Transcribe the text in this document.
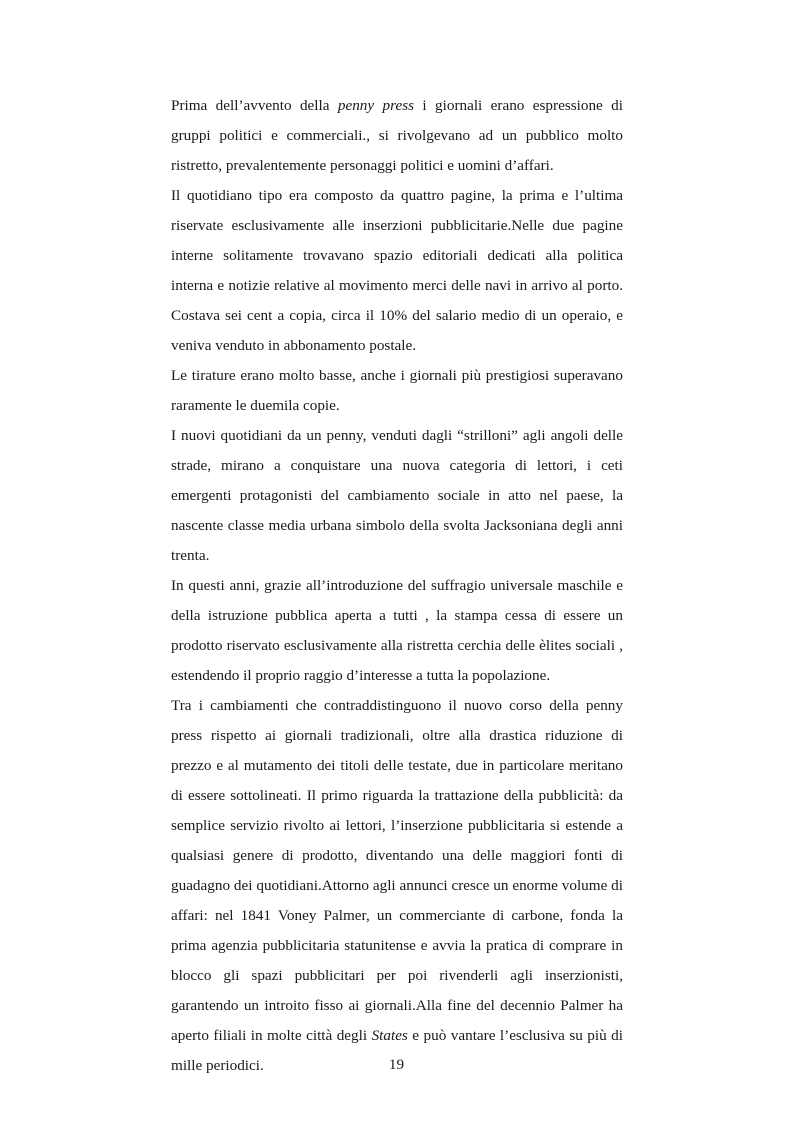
Prima dell’avvento della penny press i giornali erano espressione di gruppi politici e commerciali., si rivolgevano ad un pubblico molto ristretto, prevalentemente personaggi politici e uomini d’affari.

Il quotidiano tipo era composto da quattro pagine, la prima e l’ultima riservate esclusivamente alle inserzioni pubblicitarie.Nelle due pagine interne solitamente trovavano spazio editoriali dedicati alla politica interna e notizie relative al movimento merci delle navi in arrivo al porto. Costava sei cent a copia, circa il 10% del salario medio di un operaio, e veniva venduto in abbonamento postale.

Le tirature erano molto basse, anche i giornali più prestigiosi superavano raramente le duemila copie.

I nuovi quotidiani da un penny, venduti dagli “strilloni” agli angoli delle strade, mirano a conquistare una nuova categoria di lettori, i ceti emergenti protagonisti del cambiamento sociale in atto nel paese, la nascente classe media urbana simbolo della svolta Jacksoniana degli anni trenta.

In questi anni, grazie all’introduzione del suffragio universale maschile e della istruzione pubblica aperta a tutti , la stampa cessa di essere un prodotto riservato esclusivamente alla ristretta cerchia delle èlites sociali , estendendo il proprio raggio d’interesse a tutta la popolazione.

Tra i cambiamenti che contraddistinguono il nuovo corso della penny press rispetto ai giornali tradizionali, oltre alla drastica riduzione di prezzo e al mutamento dei titoli delle testate, due in particolare meritano di essere sottolineati. Il primo riguarda la trattazione della pubblicità: da semplice servizio rivolto ai lettori, l’inserzione pubblicitaria si estende a qualsiasi genere di prodotto, diventando una delle maggiori fonti di guadagno dei quotidiani.Attorno agli annunci cresce un enorme volume di affari: nel 1841 Voney Palmer, un commerciante di carbone, fonda la prima agenzia pubblicitaria statunitense e avvia la pratica di comprare in blocco gli spazi pubblicitari per poi rivenderli agli inserzionisti, garantendo un introito fisso ai giornali.Alla fine del decennio Palmer ha aperto filiali in molte città degli States e può vantare l’esclusiva su più di mille periodici.	19
